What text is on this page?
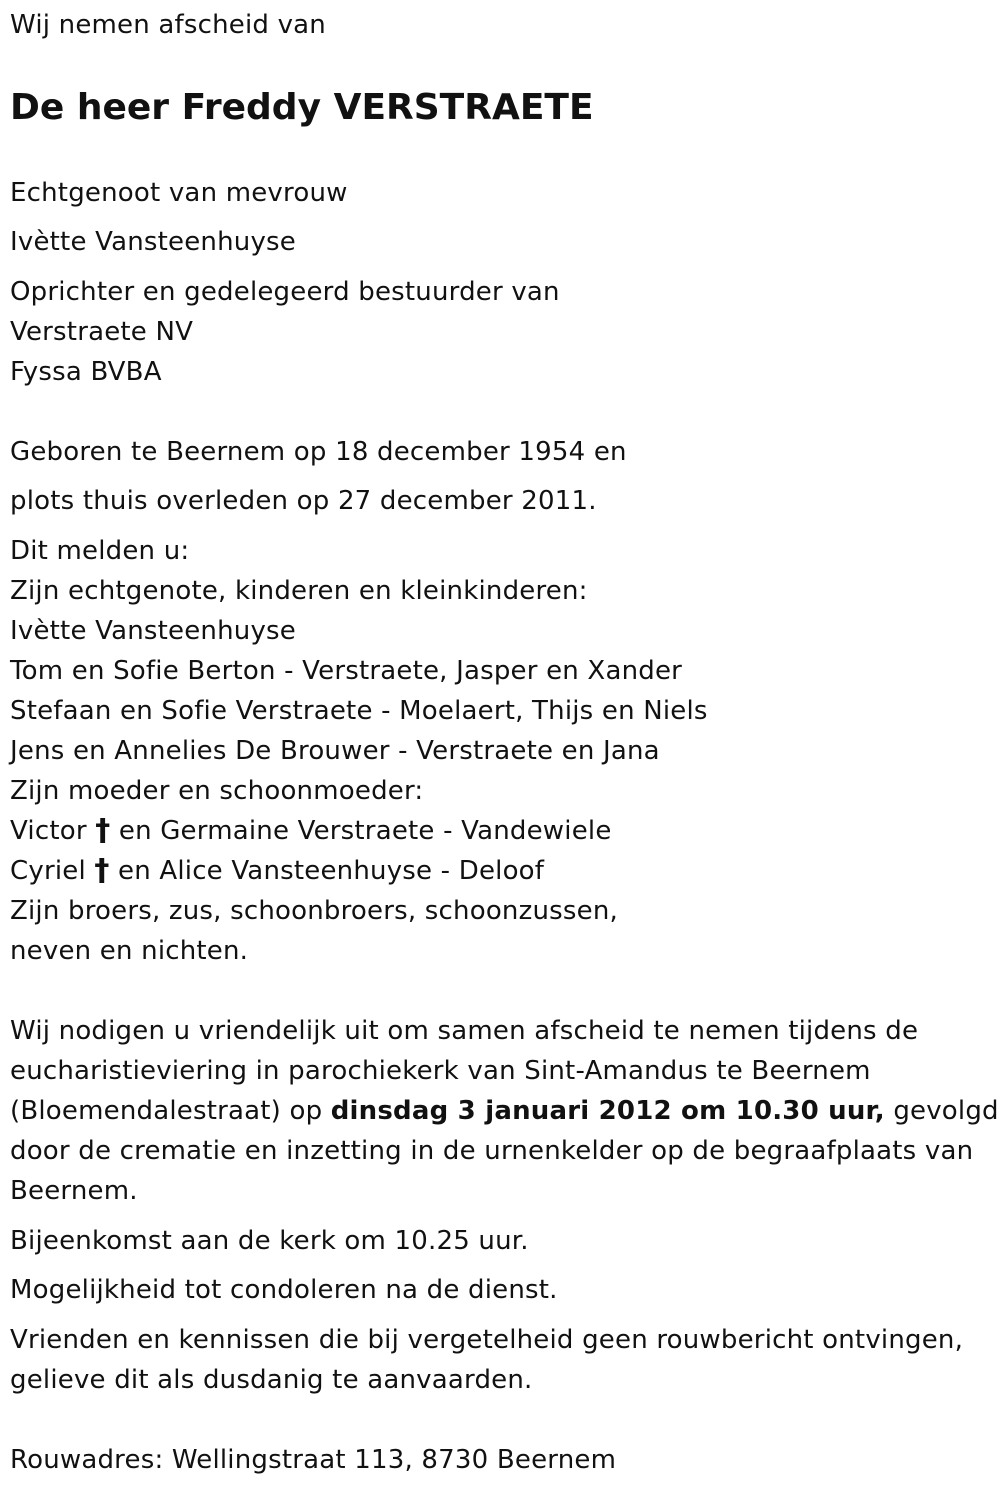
Wij nemen afscheid van
De heer Freddy VERSTRAETE
Echtgenoot van mevrouw
Ivètte Vansteenhuyse
Oprichter en gedelegeerd bestuurder van
Verstraete NV
Fyssa BVBA
Geboren te Beernem op 18 december 1954 en
plots thuis overleden op 27 december 2011.
Dit melden u:
Zijn echtgenote, kinderen en kleinkinderen:
Ivètte Vansteenhuyse
Tom en Sofie Berton - Verstraete, Jasper en Xander
Stefaan en Sofie Verstraete - Moelaert, Thijs en Niels
Jens en Annelies De Brouwer - Verstraete en Jana
Zijn moeder en schoonmoeder:
Victor † en Germaine Verstraete - Vandewiele
Cyriel † en Alice Vansteenhuyse - Deloof
Zijn broers, zus, schoonbroers, schoonzussen,
neven en nichten.
Wij nodigen u vriendelijk uit om samen afscheid te nemen tijdens de
eucharistieviering in parochiekerk van Sint-Amandus te Beernem
(Bloemendalestraat) op dinsdag 3 januari 2012 om 10.30 uur, gevolgd
door de crematie en inzetting in de urnenkelder op de begraafplaats van
Beernem.
Bijeenkomst aan de kerk om 10.25 uur.
Mogelijkheid tot condoleren na de dienst.
Vrienden en kennissen die bij vergetelheid geen rouwbericht ontvingen,
gelieve dit als dusdanig te aanvaarden.
Rouwadres: Wellingstraat 113, 8730 Beernem
